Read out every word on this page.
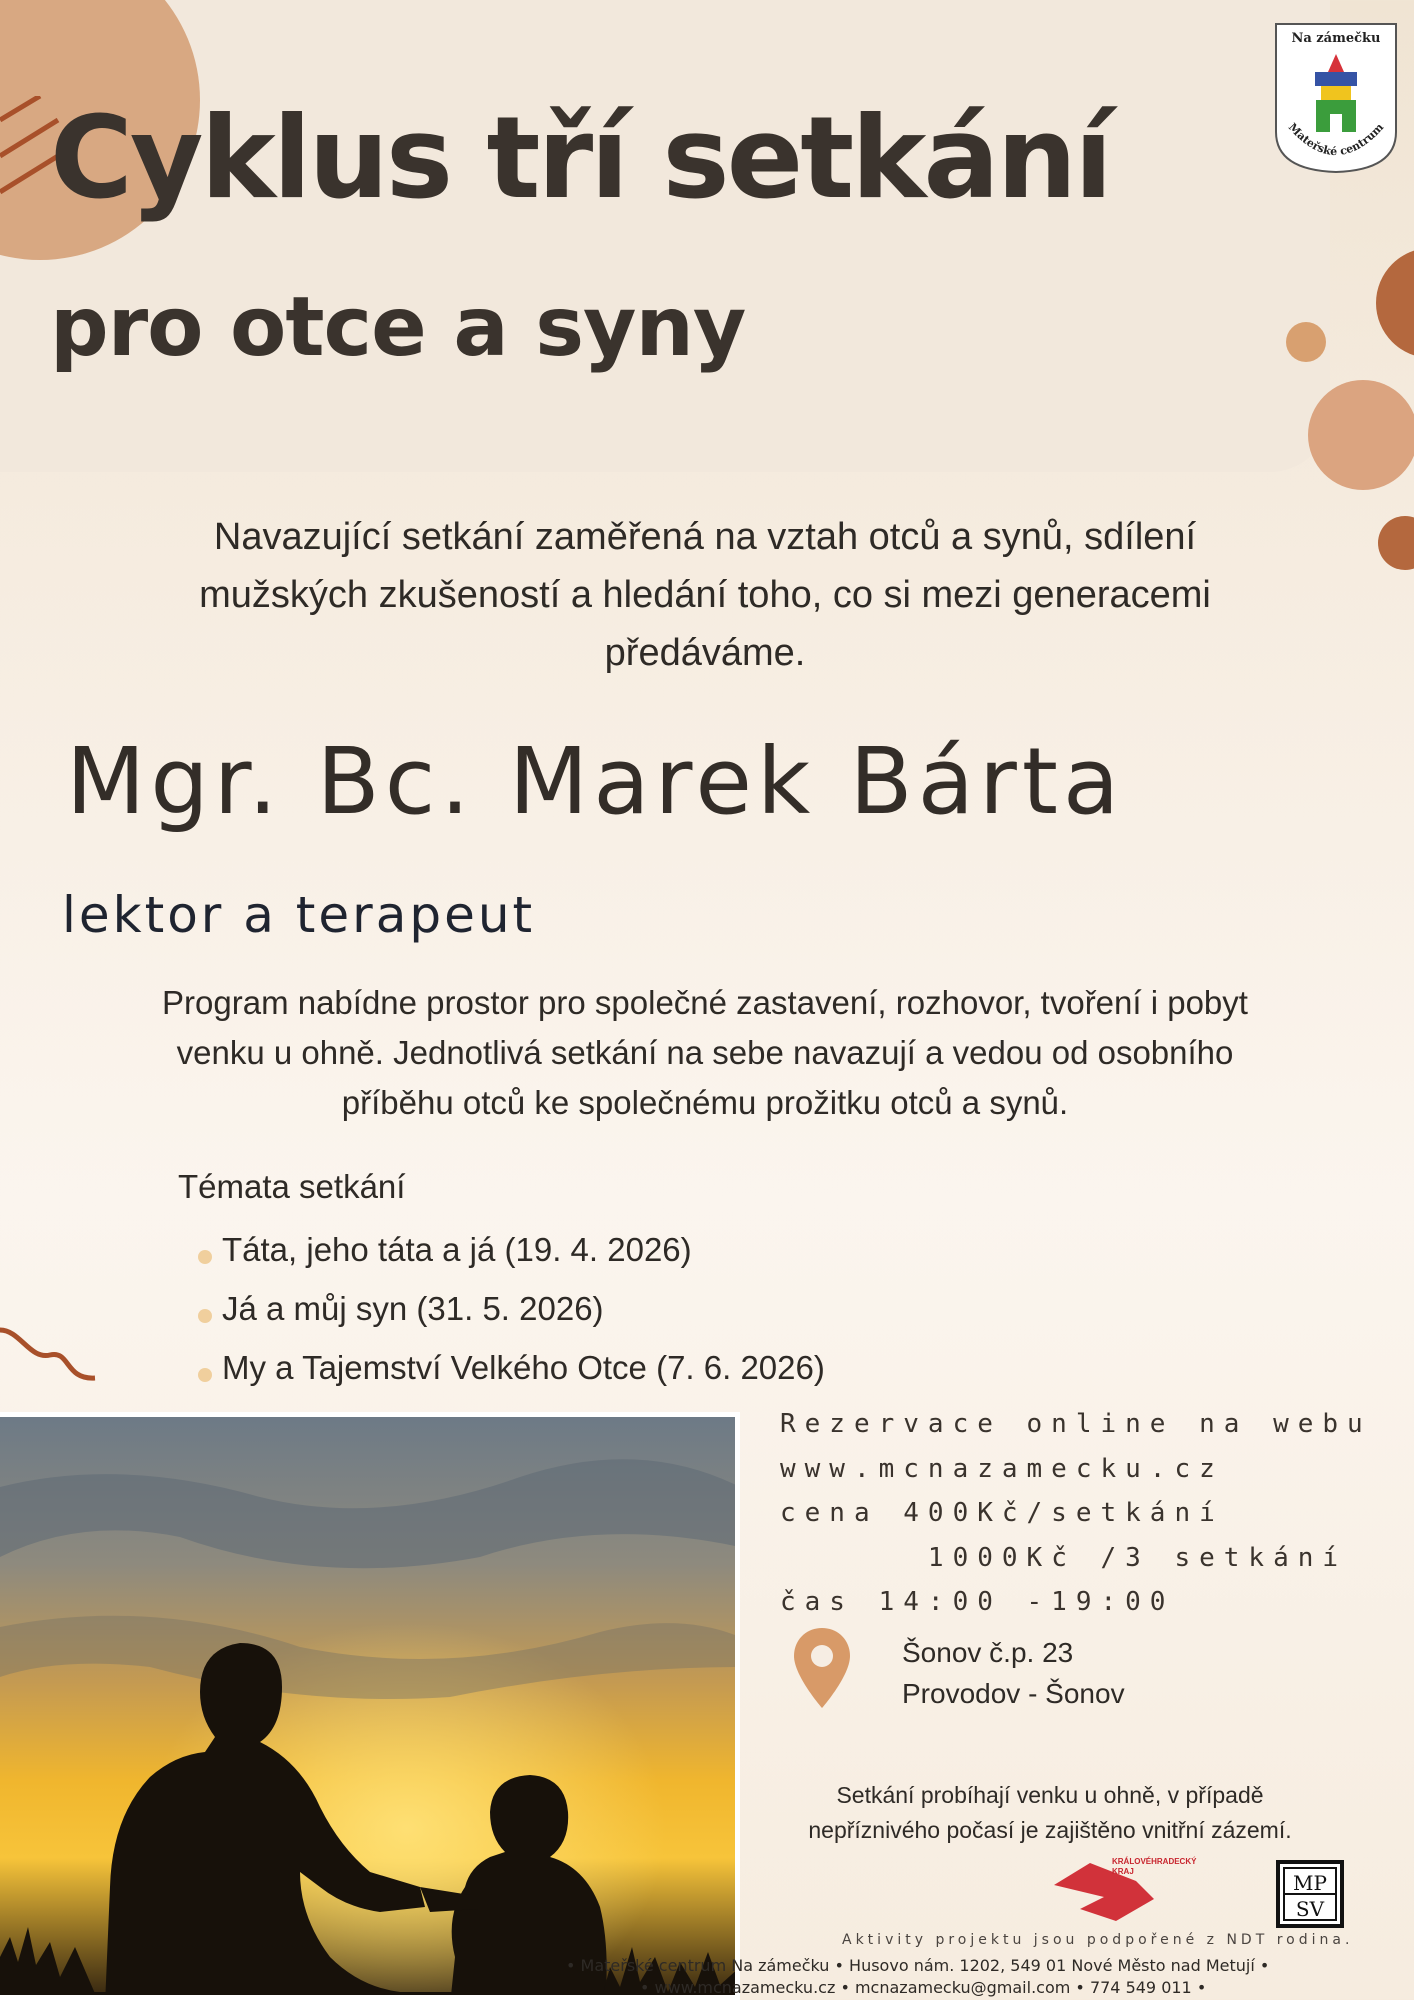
Cyklus tří setkání
pro otce a syny
Na zámečku
Mateřské centrum

Navazující setkání zaměřená na vztah otců a synů, sdílení mužských zkušeností a hledání toho, co si mezi generacemi předáváme.

Mgr. Bc. Marek Bárta
lektor a terapeut

Program nabídne prostor pro společné zastavení, rozhovor, tvoření i pobyt venku u ohně. Jednotlivá setkání na sebe navazují a vedou od osobního příběhu otců ke společnému prožitku otců a synů.

Témata setkání
Táta, jeho táta a já (19. 4. 2026)
Já a můj syn (31. 5. 2026)
My a Tajemství Velkého Otce (7. 6. 2026)

Rezervace online na webu
www.mcnazamecku.cz
cena 400Kč/setkání
1000Kč /3 setkání
čas 14:00 -19:00

Šonov č.p. 23
Provodov - Šonov

Setkání probíhají venku u ohně, v případě nepříznivého počasí je zajištěno vnitřní zázemí.

KRÁLOVÉHRADECKÝ KRAJ	MP
SV

Aktivity projektu jsou podpořené z NDT rodina.

• Mateřské centrum Na zámečku • Husovo nám. 1202, 549 01 Nové Město nad Metují •

• www.mcnazamecku.cz • mcnazamecku@gmail.com • 774 549 011 •
